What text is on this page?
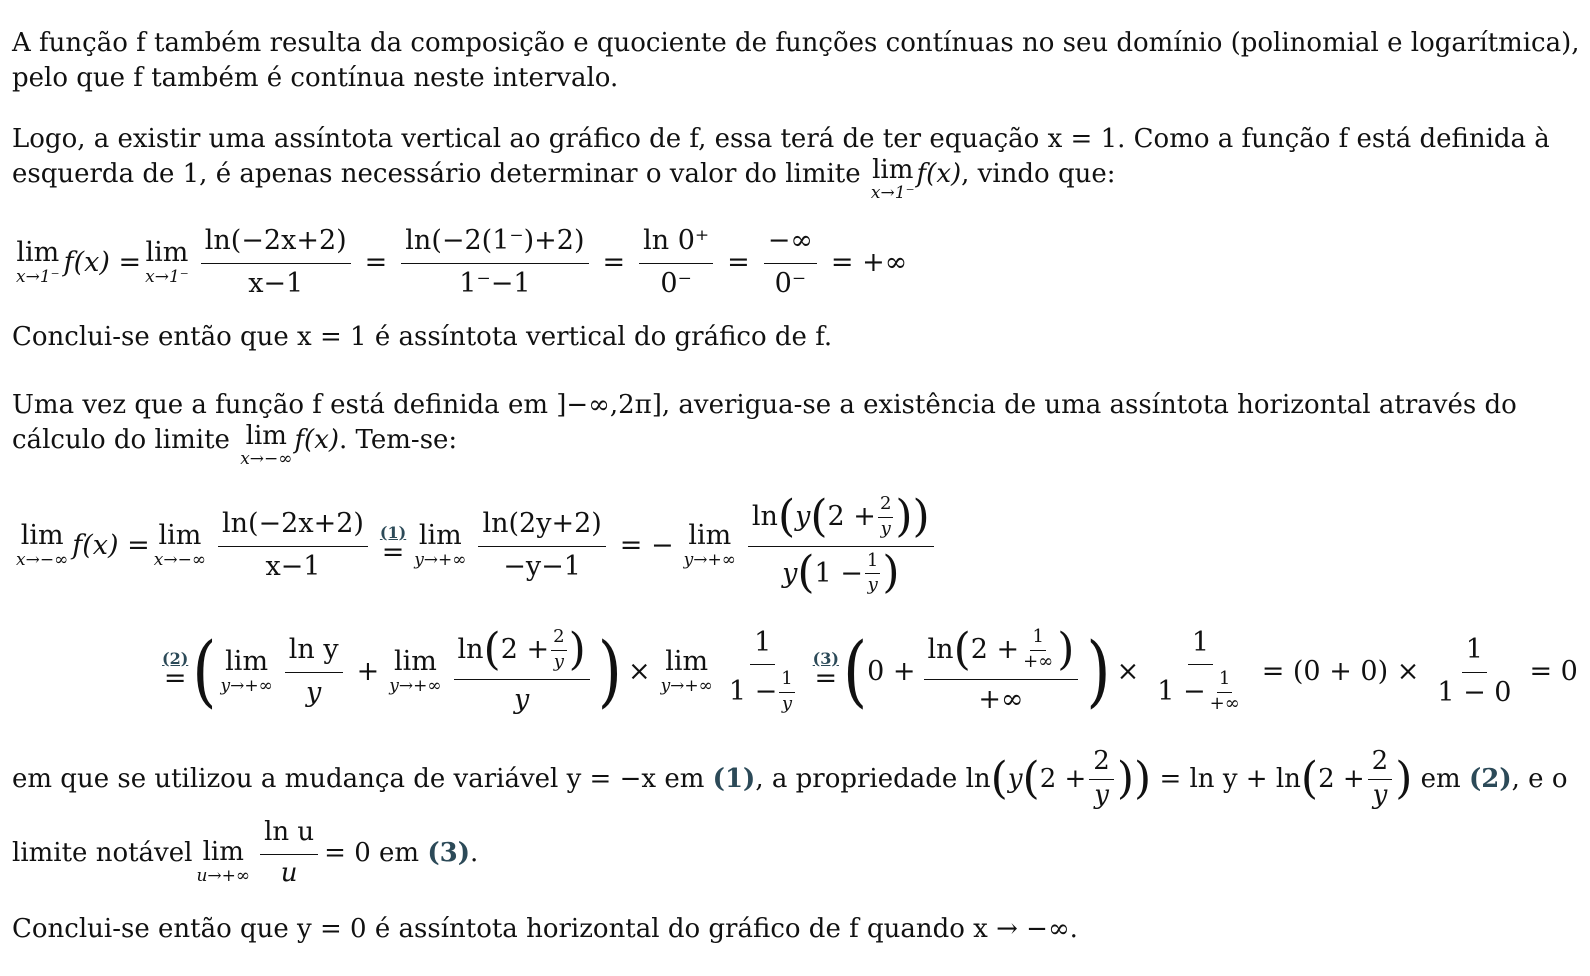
A função f também resulta da composição e quociente de funções contínuas no seu domínio (polinomial e logarítmica),
pelo que f também é contínua neste intervalo.
Logo, a existir uma assíntota vertical ao gráfico de f, essa terá de ter equação x = 1. Como a função f está definida à
esquerda de 1, é apenas necessário determinar o valor do limite lim
x→1⁻
f(x), vindo que:
lim
x→1⁻ f(x) = lim
$x\to 1^- \frac{\ln(-2x+2)}{x-1} = \frac{\ln(-2(1^-)+2)}{1^--1} = \frac{\ln 0^+}{0^-} = \frac{-\infty}{0^-}$ = +∞
Conclui-se então que x = 1 é assíntota vertical do gráfico de f.
Uma vez que a função f está definida em ]−∞,2π], averigua-se a existência de uma assíntota horizontal através do
cálculo do limite lim
x→−∞
f(x). Tem-se:
lim
x→−∞ f(x) = lim
$x\to-\infty \frac{\ln(-2x+2)}{x-1} (1)$
=
lim
$y\to+\infty \frac{\ln(2y+2)}{-y-1}$ = − lim
y→+∞
ln ( y ( $2 + \frac{2}{y}$ ))
y ( $1 - \frac{1}{y}$ )
(2)
= ( lim
$y\to+\infty \frac{\text{ln y}}{y} + \lim$
y→+∞
ln ( $2 + \frac{2}{y}$ )
y ) × lim
$y\to+\infty \frac{1}{1 - \frac{1}{y}} (3)$
= ( 0 +
ln ( $2 + \frac{1}{+\infty}$ )
+∞ ) × $\frac{1}{1 - \frac{1}{+\infty}} = (0 + 0) \times \frac{1}{1 - 0} = 0$
em que se utilizou a mudança de variável y = −x em
(1) , a propriedade ln ( y ( $2 + \frac{2}{y}$ ))
= ln y + ln ( $2 + \frac{2}{y}$ )
em
(2) , e o
limite notável lim
$u\to+\infty \frac{\text{ln u}}{u} = 0$ em
(3) .
Conclui-se então que y = 0 é assíntota horizontal do gráfico de f quando x → −∞.
